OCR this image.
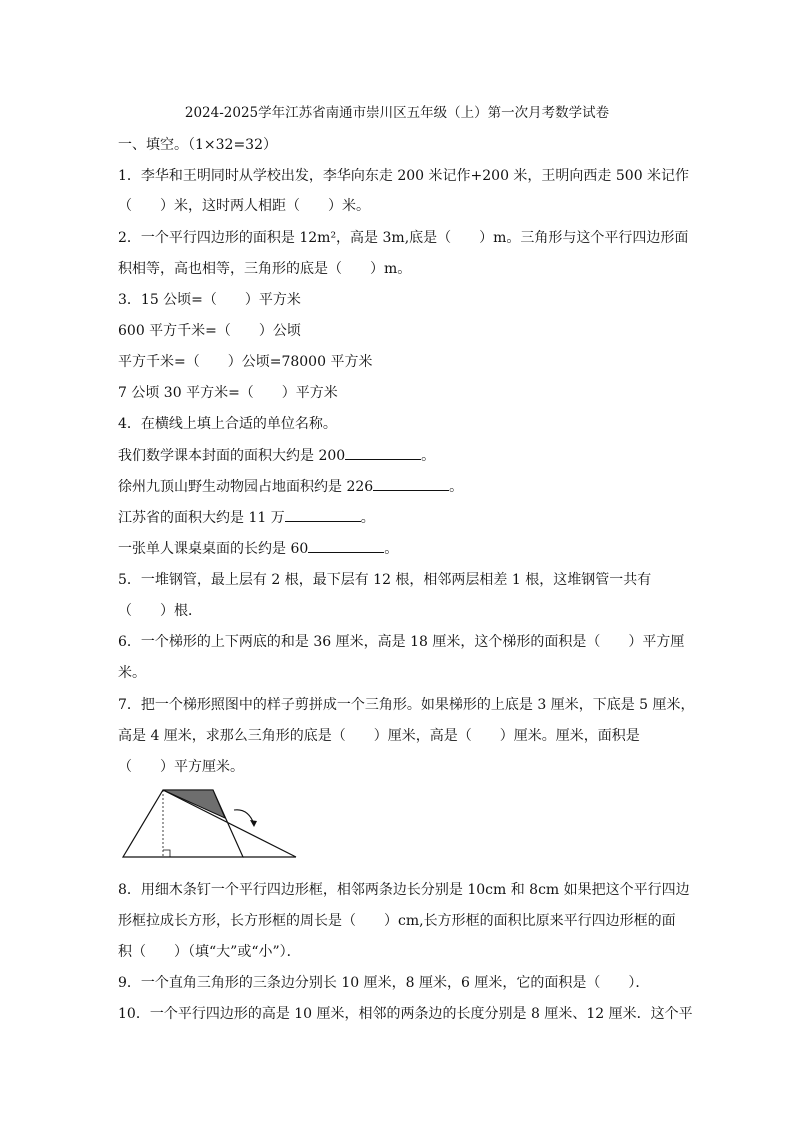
2024-2025学年江苏省南通市崇川区五年级（上）第一次月考数学试卷
一、填空。（1×32=32）
1．李华和王明同时从学校出发，李华向东走 200 米记作+200 米，王明向西走 500 米记作
（　　）米，这时两人相距（　　）米。
2．一个平行四边形的面积是 12m²，高是 3m,底是（　　）m。三角形与这个平行四边形面
积相等，高也相等，三角形的底是（　　）m。
3．15 公顷=（　　）平方米
600 平方千米=（　　）公顷
平方千米=（　　）公顷=78000 平方米
7 公顷 30 平方米=（　　）平方米
4．在横线上填上合适的单位名称。
我们数学课本封面的面积大约是 200	。
徐州九顶山野生动物园占地面积约是 226	。
江苏省的面积大约是 11 万	。
一张单人课桌桌面的长约是 60	。
5．一堆钢管，最上层有 2 根，最下层有 12 根，相邻两层相差 1 根，这堆钢管一共有
（　　）根．
6．一个梯形的上下两底的和是 36 厘米，高是 18 厘米，这个梯形的面积是（　　）平方厘
米。
7．把一个梯形照图中的样子剪拼成一个三角形。如果梯形的上底是 3 厘米，下底是 5 厘米，
高是 4 厘米，求那么三角形的底是（　　）厘米，高是（　　）厘米。厘米，面积是
（　　）平方厘米。
8．用细木条钉一个平行四边形框，相邻两条边长分别是 10cm 和 8cm 如果把这个平行四边
形框拉成长方形，长方形框的周长是（　　）cm,长方形框的面积比原来平行四边形框的面
积（　　）（填“大”或“小”）．
9．一个直角三角形的三条边分别长 10 厘米，8 厘米，6 厘米，它的面积是（　　）．
10．一个平行四边形的高是 10 厘米，相邻的两条边的长度分别是 8 厘米、12 厘米．这个平
